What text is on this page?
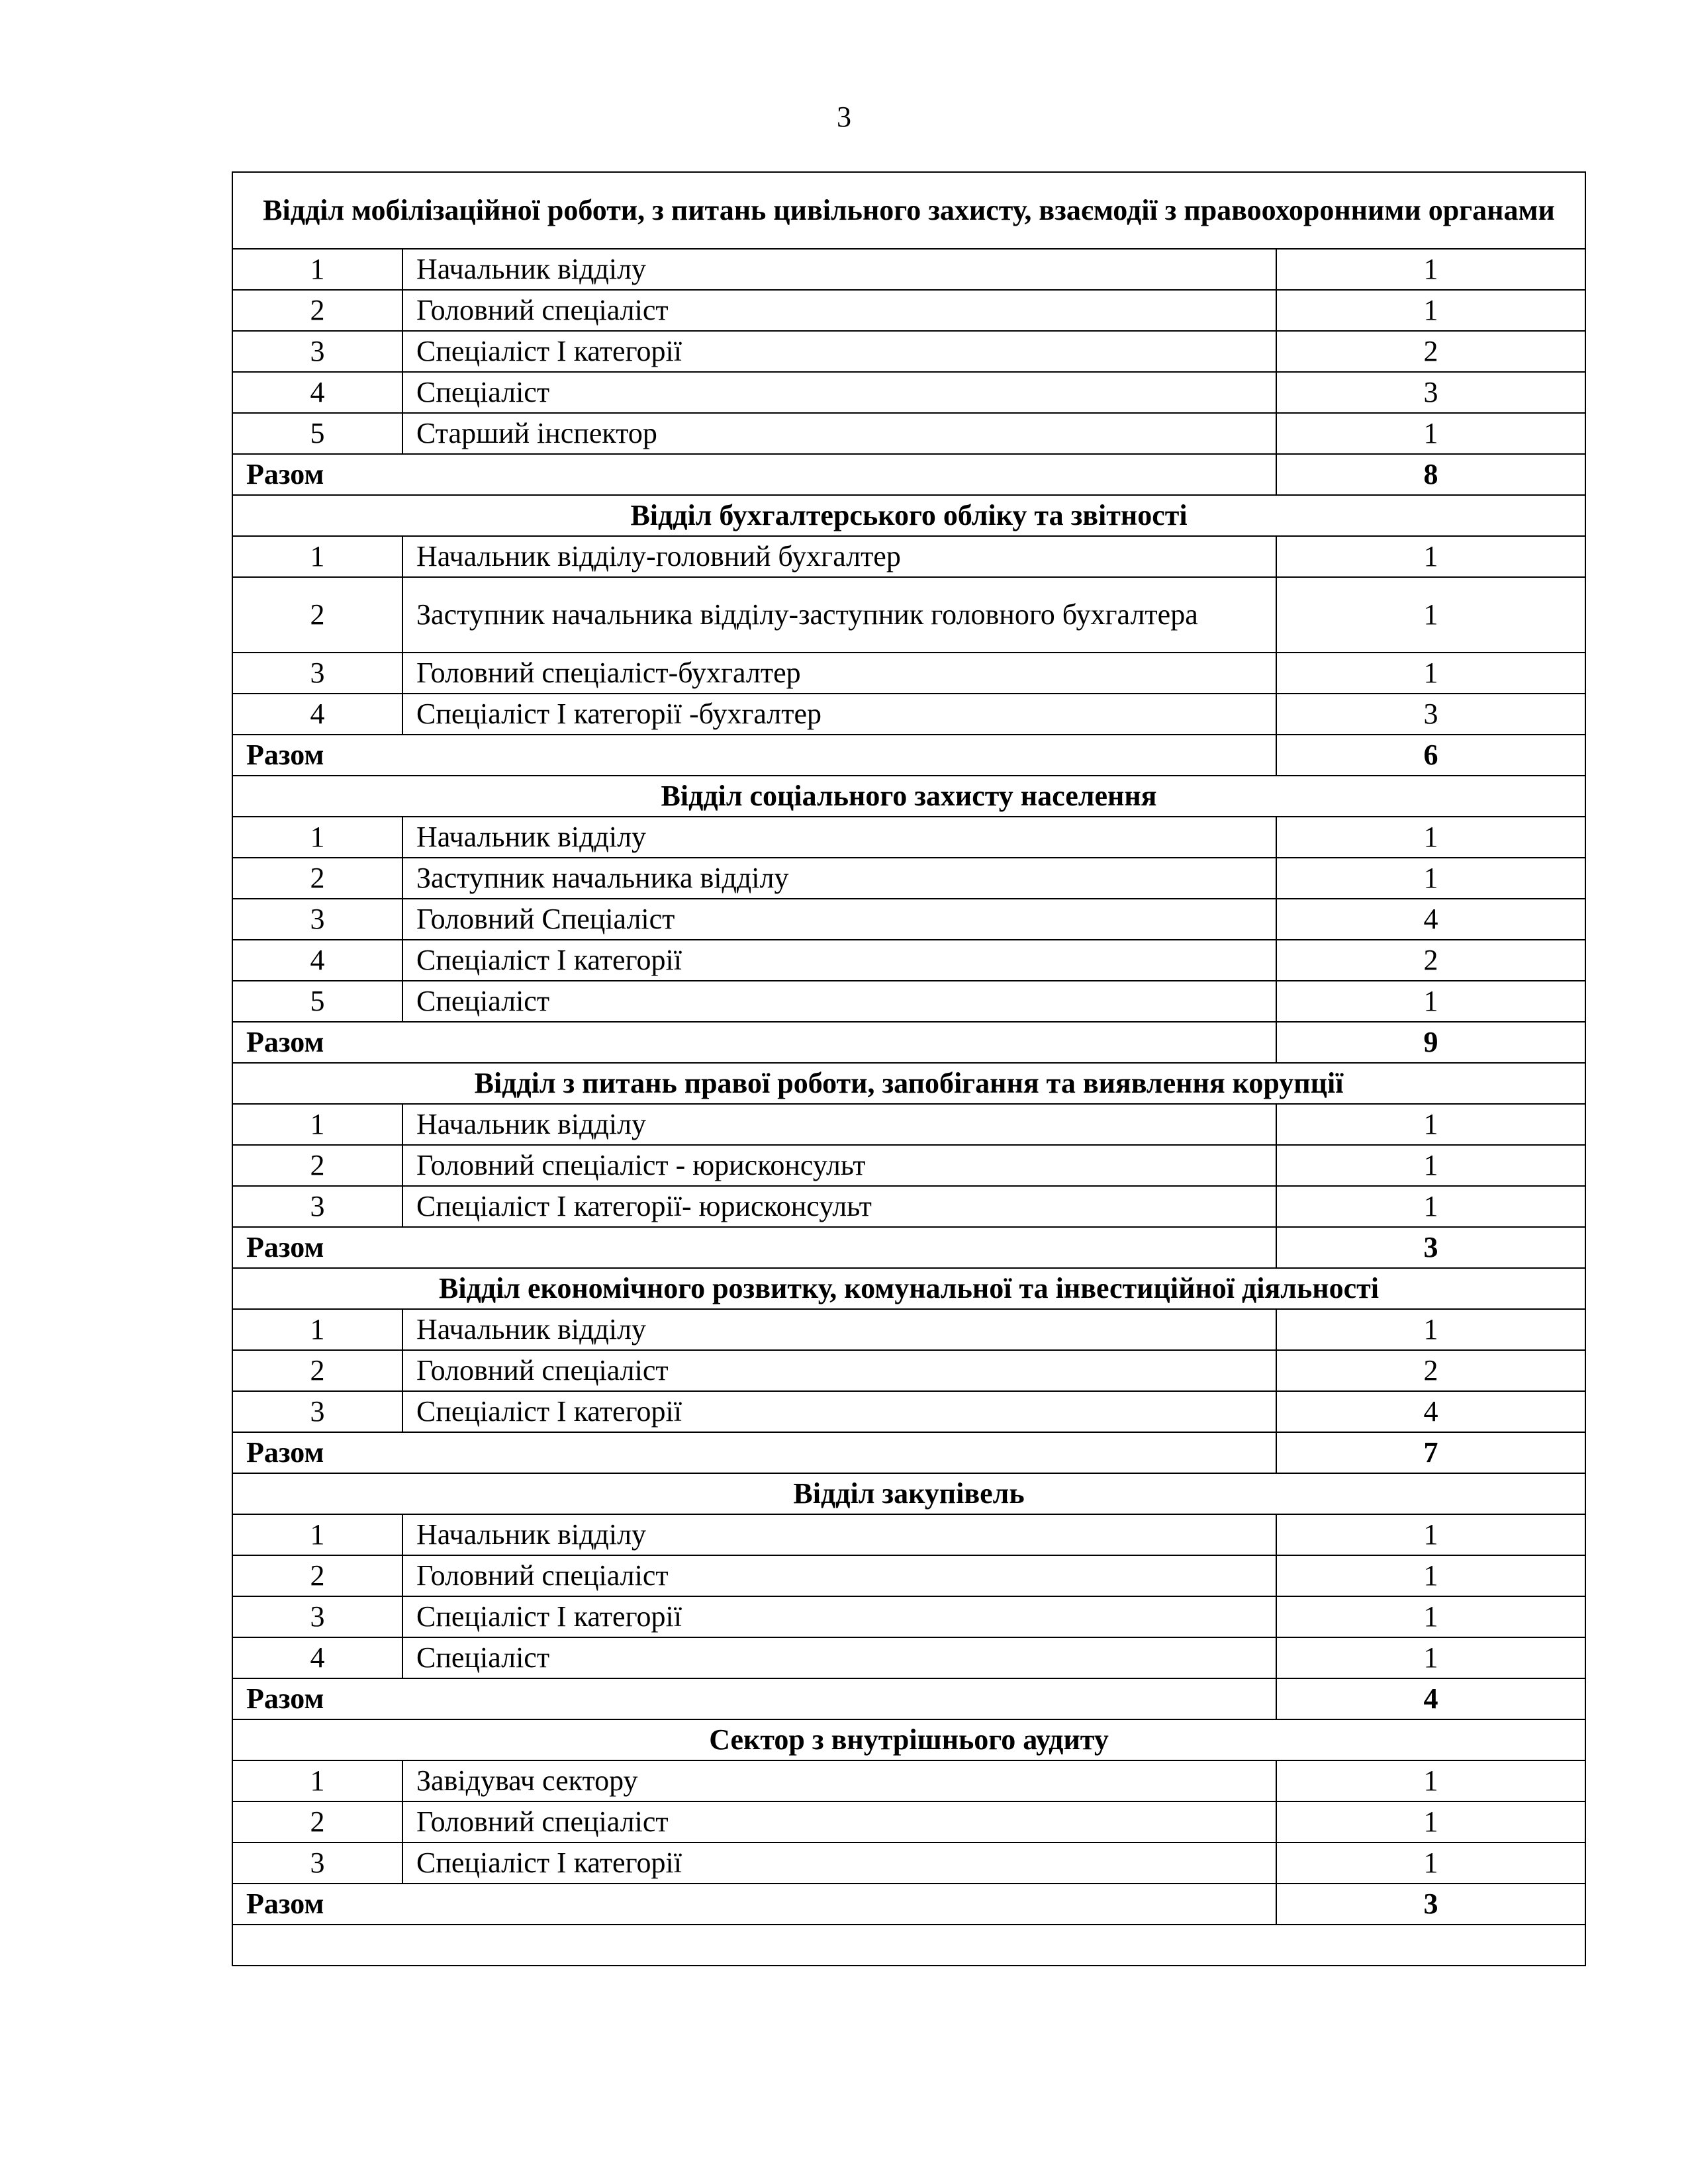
3
Відділ мобілізаційної роботи, з питань цивільного захисту, взаємодії з правоохоронними органами		
1	Начальник відділу	1
2	Головний спеціаліст	1
3	Спеціаліст І категорії	2
4	Спеціаліст	3
5	Старший інспектор	1
Разом		8
Відділ бухгалтерського обліку та звітності		
1	Начальник відділу-головний бухгалтер	1
2	Заступник начальника відділу-заступник головного бухгалтера	1
3	Головний спеціаліст-бухгалтер	1
4	Спеціаліст І категорії -бухгалтер	3
Разом		6
Відділ соціального захисту населення		
1	Начальник відділу	1
2	Заступник начальника відділу	1
3	Головний Спеціаліст	4
4	Спеціаліст І категорії	2
5	Спеціаліст	1
Разом		9
Відділ з питань правої роботи, запобігання та виявлення корупції		
1	Начальник відділу	1
2	Головний спеціаліст - юрисконсульт	1
3	Спеціаліст І категорії- юрисконсульт	1
Разом		3
Відділ економічного розвитку, комунальної та інвестиційної діяльності		
1	Начальник відділу	1
2	Головний спеціаліст	2
3	Спеціаліст І категорії	4
Разом		7
Відділ закупівель		
1	Начальник відділу	1
2	Головний спеціаліст	1
3	Спеціаліст І категорії	1
4	Спеціаліст	1
Разом		4
Сектор з внутрішнього аудиту		
1	Завідувач сектору	1
2	Головний спеціаліст	1
3	Спеціаліст І категорії	1
Разом		3
